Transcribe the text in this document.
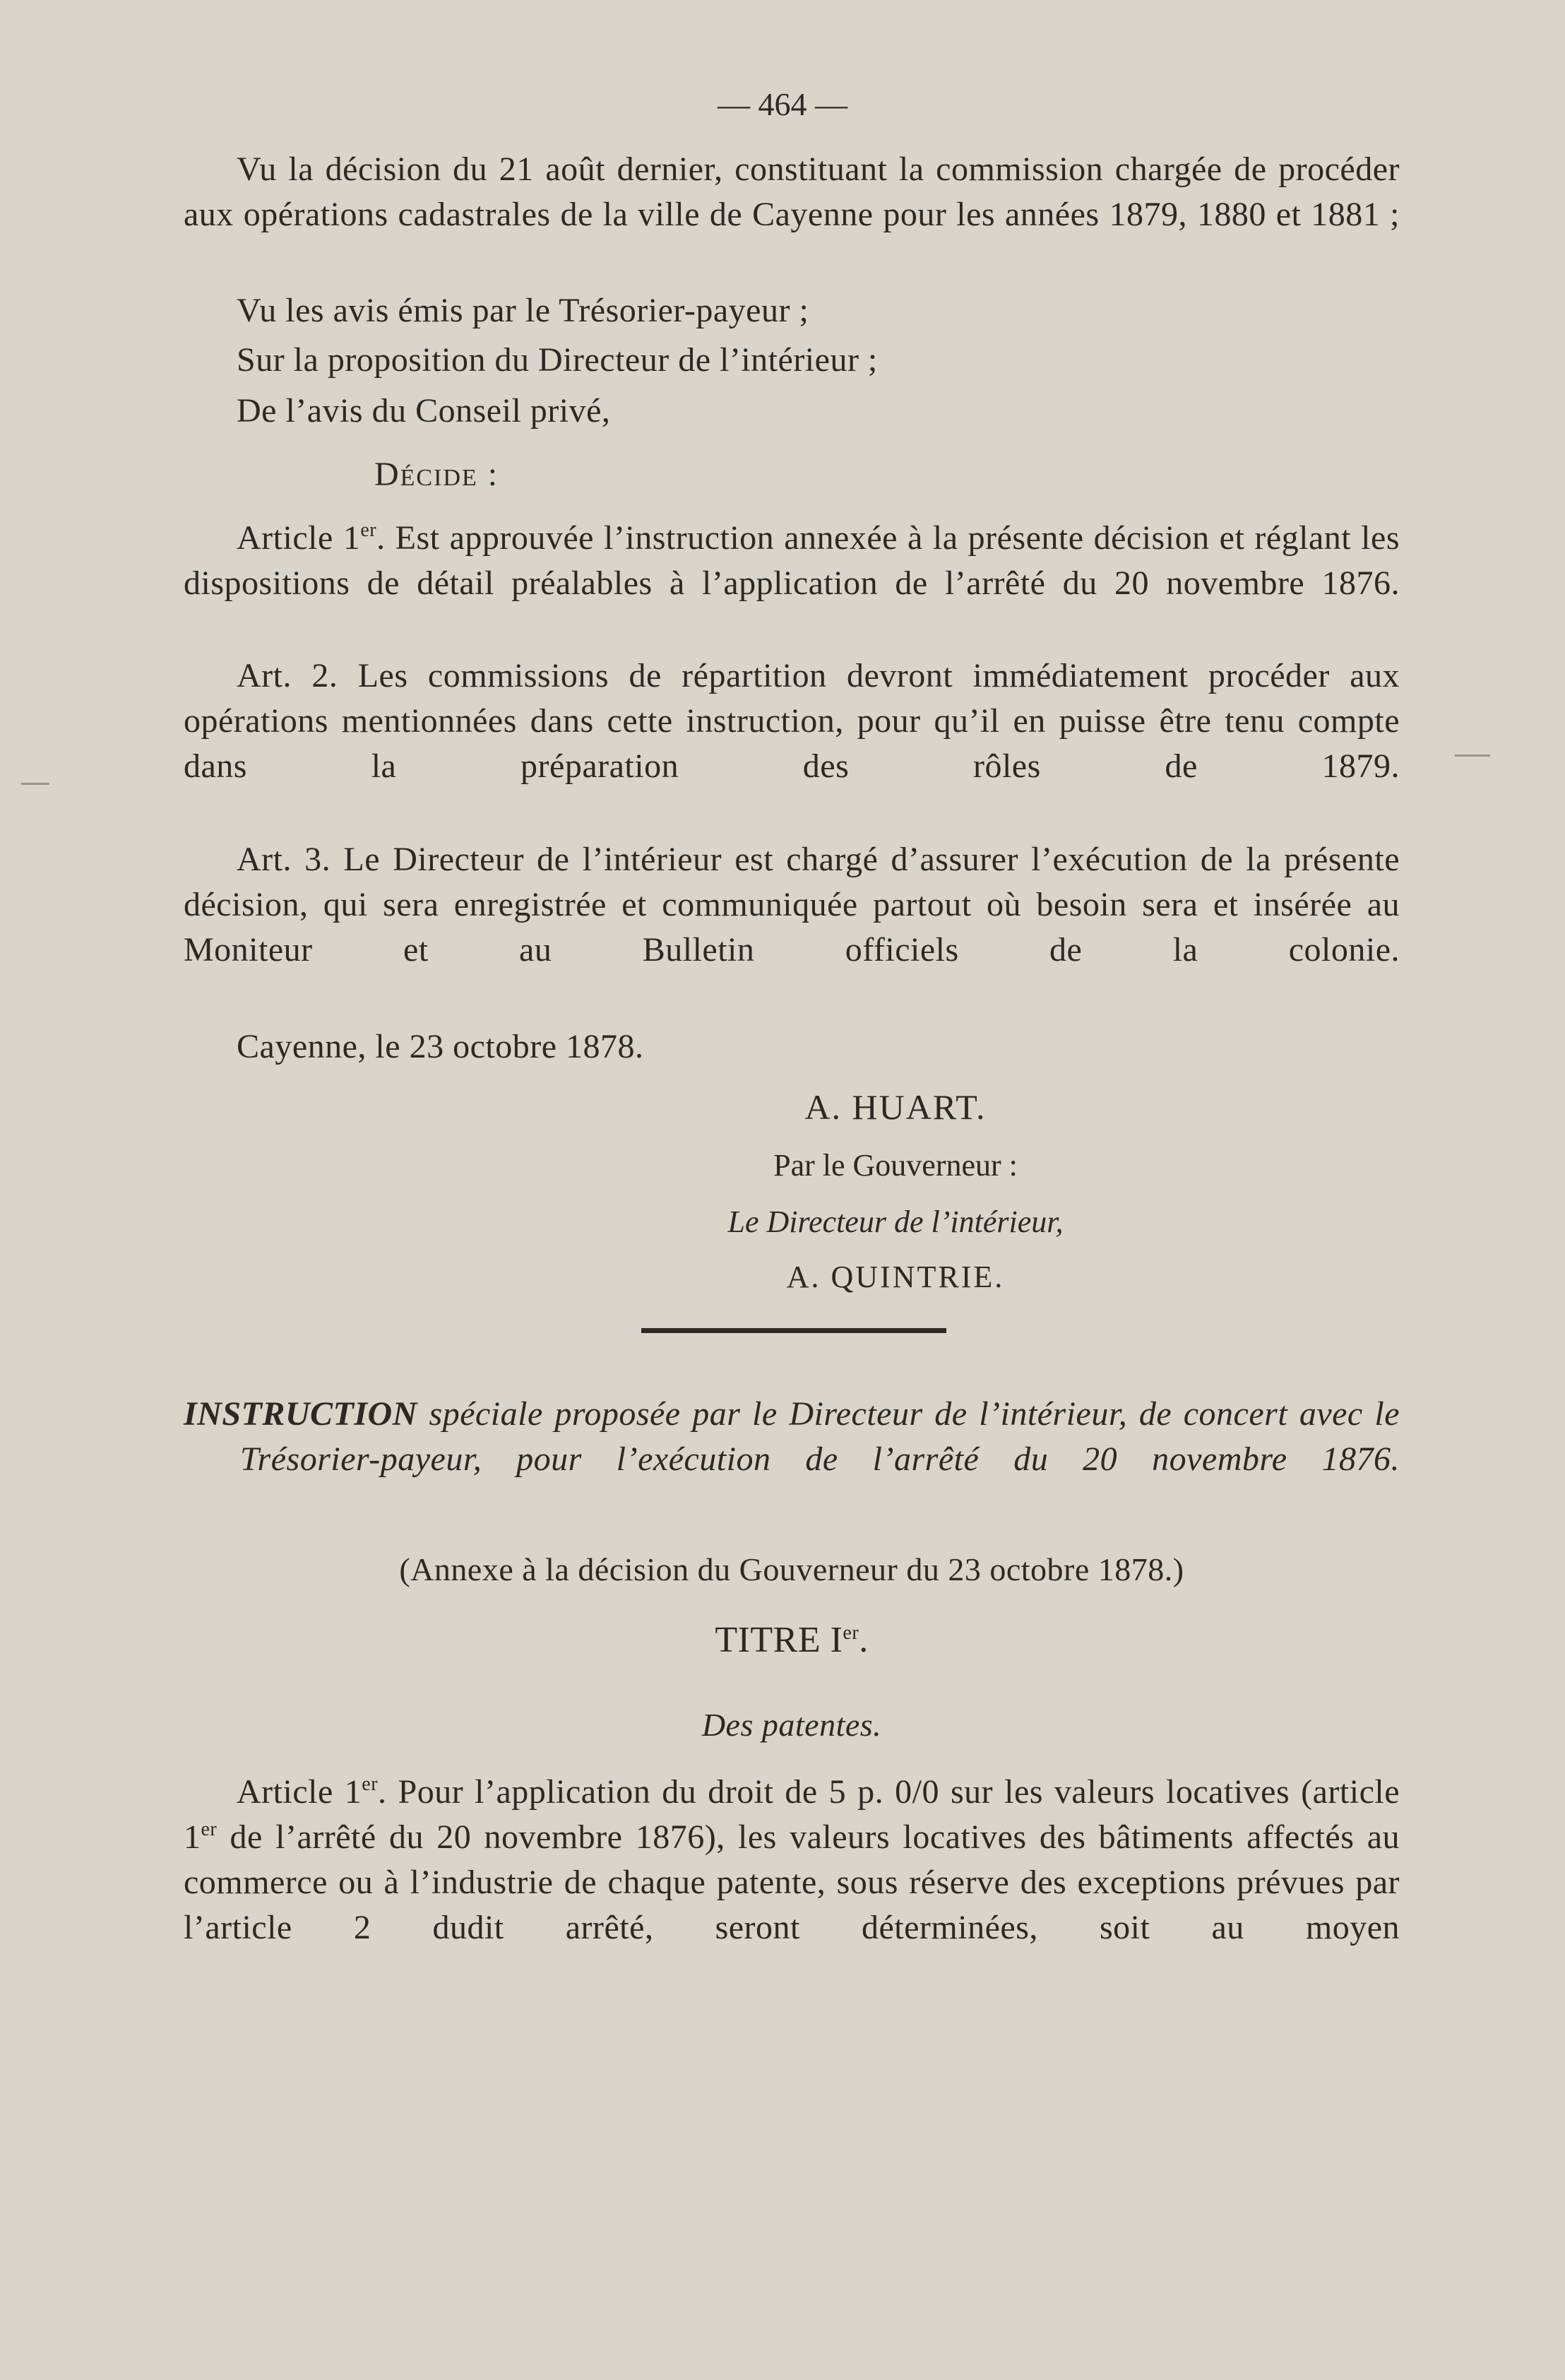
— 464 —
Vu la décision du 21 août dernier, constituant la commission chargée de procéder aux opérations cadastrales de la ville de Cayenne pour les années 1879, 1880 et 1881 ;
Vu les avis émis par le Trésorier-payeur ;
Sur la proposition du Directeur de l’intérieur ;
De l’avis du Conseil privé,
Décide :
Article 1er. Est approuvée l’instruction annexée à la présente décision et réglant les dispositions de détail préalables à l’application de l’arrêté du 20 novembre 1876.
Art. 2. Les commissions de répartition devront immédiatement procéder aux opérations mentionnées dans cette instruction, pour qu’il en puisse être tenu compte dans la préparation des rôles de 1879.
Art. 3. Le Directeur de l’intérieur est chargé d’assurer l’exécution de la présente décision, qui sera enregistrée et communiquée partout où besoin sera et insérée au Moniteur et au Bulletin officiels de la colonie.
Cayenne, le 23 octobre 1878.
A. HUART.
Par le Gouverneur :
Le Directeur de l’intérieur,
A. QUINTRIE.
INSTRUCTION spéciale proposée par le Directeur de l’intérieur, de concert avec le Trésorier-payeur, pour l’exécution de l’arrêté du 20 novembre 1876.
(Annexe à la décision du Gouverneur du 23 octobre 1878.)
TITRE Ier.
Des patentes.
Article 1er. Pour l’application du droit de 5 p. 0/0 sur les valeurs locatives (article 1er de l’arrêté du 20 novembre 1876), les valeurs locatives des bâtiments affectés au commerce ou à l’industrie de chaque patente, sous réserve des exceptions prévues par l’article 2 dudit arrêté, seront déterminées, soit au moyen
